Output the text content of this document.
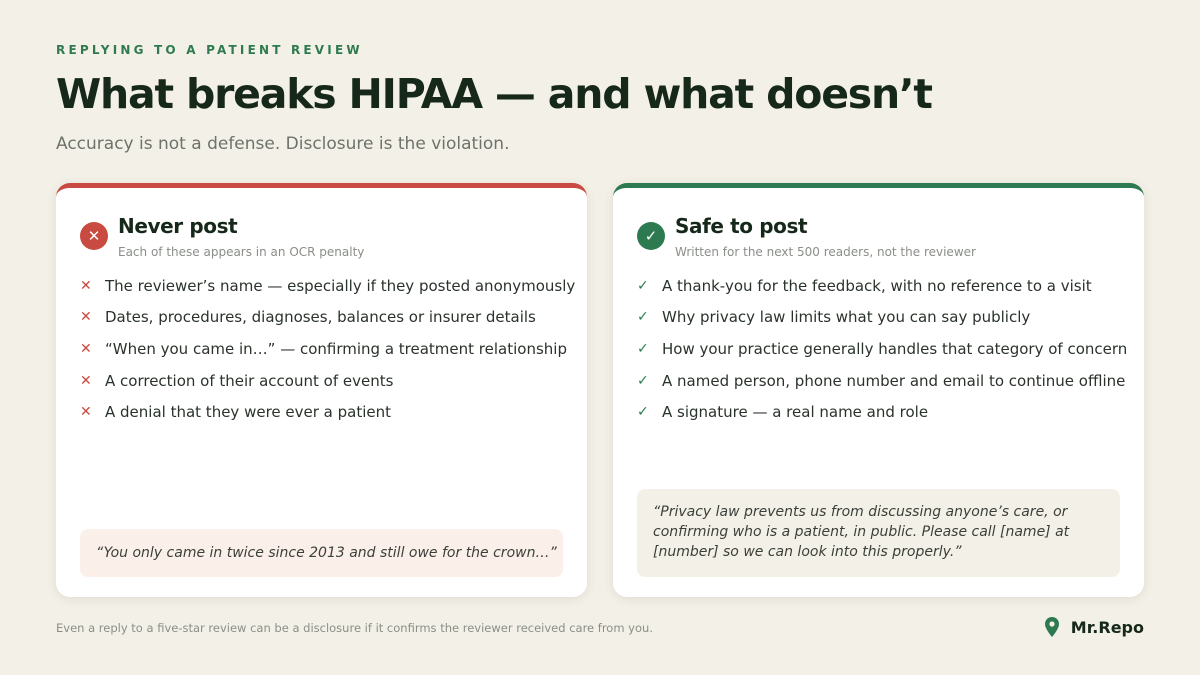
REPLYING TO A PATIENT REVIEW
What breaks HIPAA — and what doesn’t
Accuracy is not a defense. Disclosure is the violation.
✕ Never post
Each of these appears in an OCR penalty
✕ The reviewer’s name — especially if they posted anonymously
✕ Dates, procedures, diagnoses, balances or insurer details
✕ “When you came in…” — confirming a treatment relationship
✕ A correction of their account of events
✕ A denial that they were ever a patient
“You only came in twice since 2013 and still owe for the crown…”
✓ Safe to post
Written for the next 500 readers, not the reviewer
✓ A thank-you for the feedback, with no reference to a visit
✓ Why privacy law limits what you can say publicly
✓ How your practice generally handles that category of concern
✓ A named person, phone number and email to continue offline
✓ A signature — a real name and role
“Privacy law prevents us from discussing anyone’s care, or confirming who is a patient, in public. Please call [name] at [number] so we can look into this properly.”
Even a reply to a five-star review can be a disclosure if it confirms the reviewer received care from you.	Mr.Repo
